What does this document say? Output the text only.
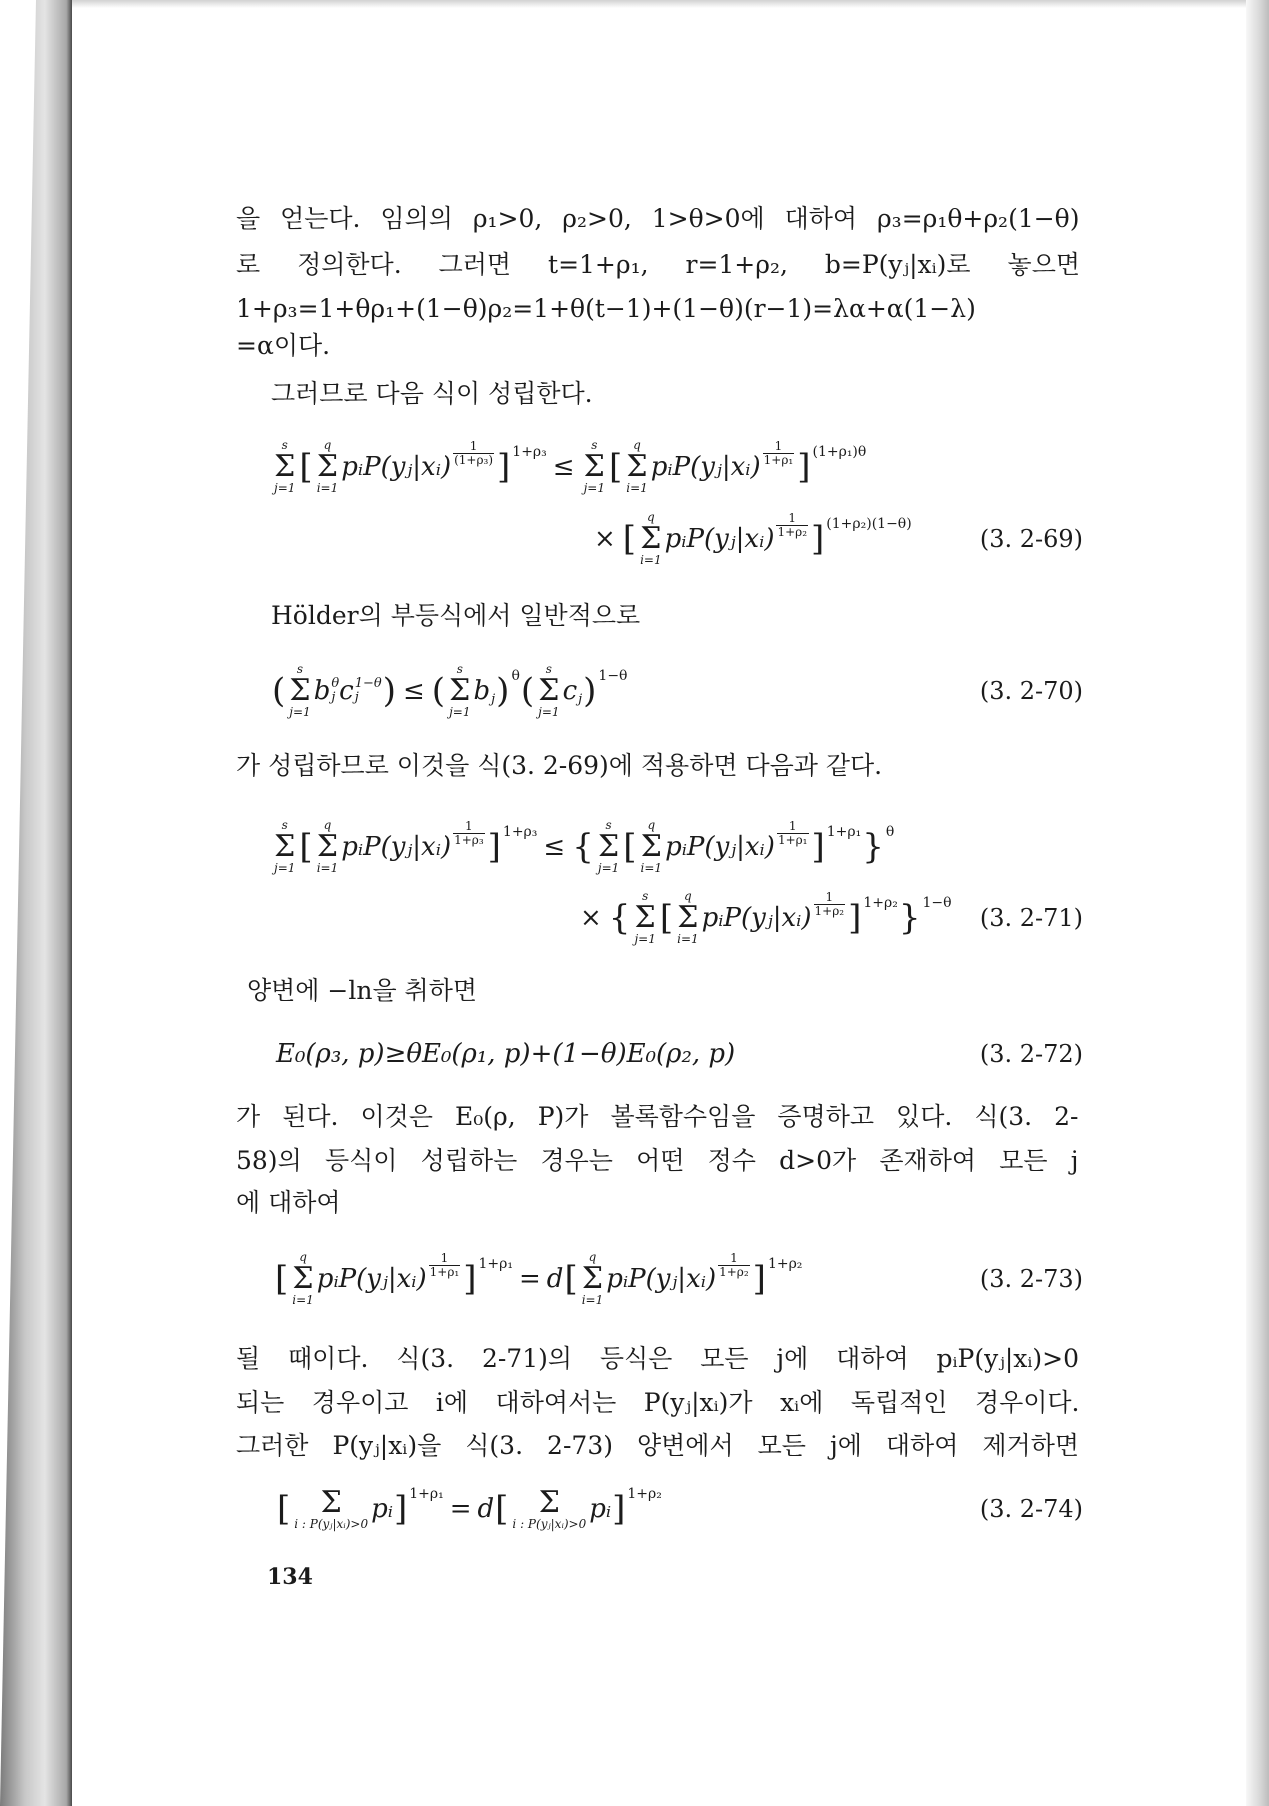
을 얻는다. 임의의 ρ₁>0, ρ₂>0, 1>θ>0에 대하여 ρ₃=ρ₁θ+ρ₂(1−θ)
로 정의한다. 그러면 t=1+ρ₁, r=1+ρ₂, b=P(yⱼ|xᵢ)로 놓으면
1+ρ₃=1+θρ₁+(1−θ)ρ₂=1+θ(t−1)+(1−θ)(r−1)=λα+α(1−λ)
=α이다.
그러므로 다음 식이 성립한다.
s
Σ
j=1
[
q
Σ
i=1
pᵢP(yⱼ|xᵢ) $\frac{1}{\text{(1+ρ₃)}}$ ] 1+ρ₃ ≤
s
Σ
j=1
[
q
Σ
i=1
pᵢP(yⱼ|xᵢ) $\frac{1}{\text{1+ρ₁}}$ ] (1+ρ₁)θ
× [
q
Σ
i=1
pᵢP(yⱼ|xᵢ) $\frac{1}{\text{1+ρ₂}}$ ] (1+ρ₂)(1−θ)
(3. 2-69)
Hölder의 부등식에서 일반적으로
(
s
Σ
j=1
b θ
j c 1−θ
j ) ≤ (
s
Σ
j=1
b j ) θ (
s
Σ
j=1
c j ) 1−θ
(3. 2-70)
가 성립하므로 이것을 식(3. 2-69)에 적용하면 다음과 같다.
s
Σ
j=1
[
q
Σ
i=1
pᵢP(yⱼ|xᵢ) $\frac{1}{\text{1+ρ₃}}$ ] 1+ρ₃ ≤ {
s
Σ
j=1
[
q
Σ
i=1
pᵢP(yⱼ|xᵢ) $\frac{1}{\text{1+ρ₁}}$ ] 1+ρ₁ } θ
× {
s
Σ
j=1
[
q
Σ
i=1
pᵢP(yⱼ|xᵢ) $\frac{1}{\text{1+ρ₂}}$ ] 1+ρ₂ } 1−θ
(3. 2-71)
양변에 −ln을 취하면
E₀(ρ₃, p)≥θE₀(ρ₁, p)+(1−θ)E₀(ρ₂, p)	(3. 2-72)
가 된다. 이것은 E₀(ρ, P)가 볼록함수임을 증명하고 있다. 식(3. 2-
58)의 등식이 성립하는 경우는 어떤 정수 d>0가 존재하여 모든 j
에 대하여
[
q
Σ
i=1
pᵢP(yⱼ|xᵢ) $\frac{1}{\text{1+ρ₁}}$ ] 1+ρ₁ = d [
q
Σ
i=1
pᵢP(yⱼ|xᵢ) $\frac{1}{\text{1+ρ₂}}$ ] 1+ρ₂
(3. 2-73)
될 때이다. 식(3. 2-71)의 등식은 모든 j에 대하여 pᵢP(yⱼ|xᵢ)>0
되는 경우이고 i에 대하여서는 P(yⱼ|xᵢ)가 xᵢ에 독립적인 경우이다.
그러한 P(yⱼ|xᵢ)을 식(3. 2-73) 양변에서 모든 j에 대하여 제거하면
[ Σ
i : P(yⱼ|xᵢ)>0 pᵢ ] 1+ρ₁ = d [ Σ
i : P(yⱼ|xᵢ)>0 pᵢ ] 1+ρ₂
(3. 2-74)
134
